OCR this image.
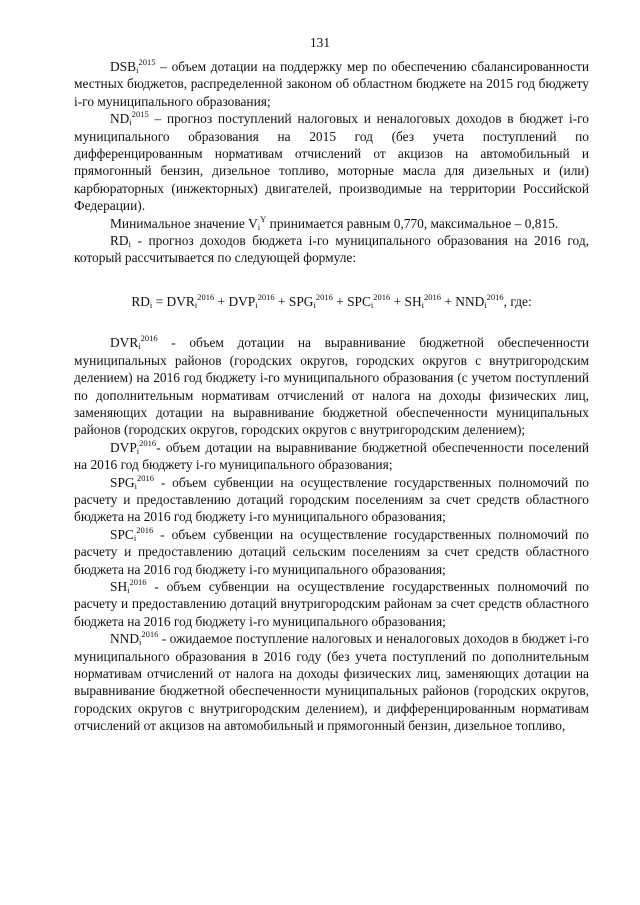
131

$DSB_i^{2015}$ – объем дотации на поддержку мер по обеспечению сбалансированности местных бюджетов, распределенной законом об областном бюджете на 2015 год бюджету i-го муниципального образования;

$ND_i^{2015}$ – прогноз поступлений налоговых и неналоговых доходов в бюджет i-го муниципального образования на 2015 год (без учета поступлений по дифференцированным нормативам отчислений от акцизов на автомобильный и прямогонный бензин, дизельное топливо, моторные масла для дизельных и (или) карбюраторных (инжекторных) двигателей, производимые на территории Российской Федерации).

Минимальное значение $V_i^Y$ принимается равным 0,770, максимальное – 0,815.

$RD_i$ - прогноз доходов бюджета i-го муниципального образования на 2016 год, который рассчитывается по следующей формуле:

$RD_i = DVR_i^{2016} + DVP_i^{2016} + SPG_i^{2016} + SPC_i^{2016} + SH_i^{2016} + NND_i^{2016}$, где:

$DVR_i^{2016}$ - объем дотации на выравнивание бюджетной обеспеченности муниципальных районов (городских округов, городских округов с внутригородским делением) на 2016 год бюджету i-го муниципального образования (с учетом поступлений по дополнительным нормативам отчислений от налога на доходы физических лиц, заменяющих дотации на выравнивание бюджетной обеспеченности муниципальных районов (городских округов, городских округов с внутригородским делением);

$DVP_i^{2016}-$ объем дотации на выравнивание бюджетной обеспеченности поселений на 2016 год бюджету i-го муниципального образования;

$SPG_i^{2016}$ - объем субвенции на осуществление государственных полномочий по расчету и предоставлению дотаций городским поселениям за счет средств областного бюджета на 2016 год бюджету i-го муниципального образования;

$SPC_i^{2016}$ - объем субвенции на осуществление государственных полномочий по расчету и предоставлению дотаций сельским поселениям за счет средств областного бюджета на 2016 год бюджету i-го муниципального образования;

$SH_i^{2016}$ - объем субвенции на осуществление государственных полномочий по расчету и предоставлению дотаций внутригородским районам за счет средств областного бюджета на 2016 год бюджету i-го муниципального образования;

$NND_i^{2016}$ - ожидаемое поступление налоговых и неналоговых доходов в бюджет i-го муниципального образования в 2016 году (без учета поступлений по дополнительным нормативам отчислений от налога на доходы физических лиц, заменяющих дотации на выравнивание бюджетной обеспеченности муниципальных районов (городских округов, городских округов с внутригородским делением), и дифференцированным нормативам отчислений от акцизов на автомобильный и прямогонный бензин, дизельное топливо,
